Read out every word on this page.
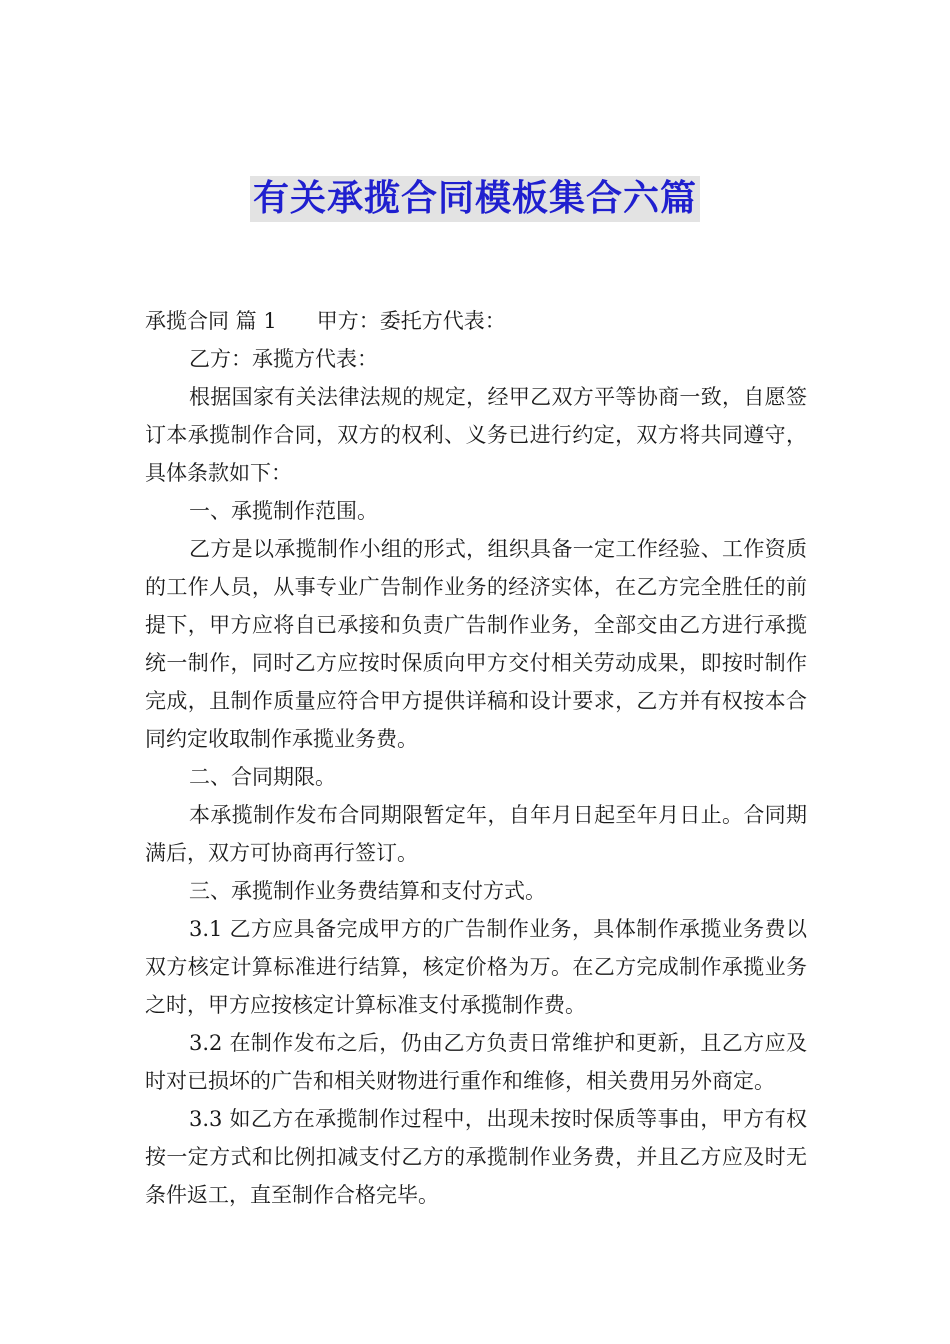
有关承揽合同模板集合六篇

承揽合同 篇 1 甲方：委托方代表：

乙方：承揽方代表：

根据国家有关法律法规的规定，经甲乙双方平等协商一致，自愿签订本承揽制作合同，双方的权利、义务已进行约定，双方将共同遵守，具体条款如下：

一、承揽制作范围。

乙方是以承揽制作小组的形式，组织具备一定工作经验、工作资质的工作人员，从事专业广告制作业务的经济实体，在乙方完全胜任的前提下，甲方应将自已承接和负责广告制作业务，全部交由乙方进行承揽统一制作，同时乙方应按时保质向甲方交付相关劳动成果，即按时制作完成，且制作质量应符合甲方提供详稿和设计要求，乙方并有权按本合同约定收取制作承揽业务费。

二、合同期限。

本承揽制作发布合同期限暂定年，自年月日起至年月日止。合同期满后，双方可协商再行签订。

三、承揽制作业务费结算和支付方式。

3.1 乙方应具备完成甲方的广告制作业务，具体制作承揽业务费以双方核定计算标准进行结算，核定价格为万。在乙方完成制作承揽业务之时，甲方应按核定计算标准支付承揽制作费。

3.2 在制作发布之后，仍由乙方负责日常维护和更新，且乙方应及时对已损坏的广告和相关财物进行重作和维修，相关费用另外商定。

3.3 如乙方在承揽制作过程中，出现未按时保质等事由，甲方有权按一定方式和比例扣减支付乙方的承揽制作业务费，并且乙方应及时无条件返工，直至制作合格完毕。
